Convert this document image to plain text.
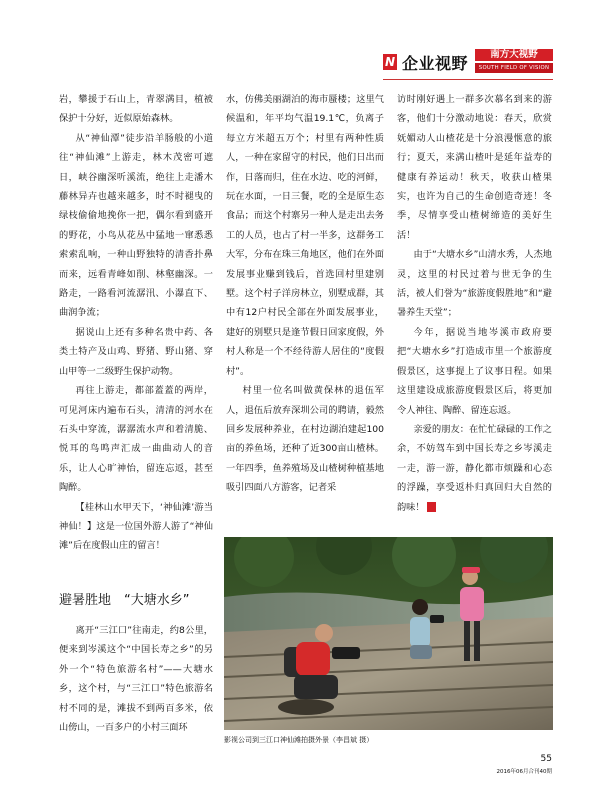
N 企业视野	南方大视野
SOUTH FIELD OF VISION

岩，攀援于石山上，青翠满目，植被保护十分好，近似原始森林。

从“神仙潭”徒步沿羊肠般的小道往“神仙滩”上游走，林木茂密可遮日，峡谷幽深听溪流，绝往上走潘木藤林异卉也越来越多，时不时褪曳的绿枝偷偷地挽你一把，偶尔看到盛开的野花，小鸟从花丛中猛地一窜悉悉索索乱响，一种山野独特的清香扑鼻而来，远看青峰如削、林壑幽深。一路走，一路看河流潺汛、小瀑直下、曲润争流；

据说山上还有多种名贵中药、各类土特产及山鸡、野猪、野山猪、穿山甲等一二级野生保护动物。

再往上游走，都部蓋蓋的两岸，可见河床内遍布石头，清清的河水在石头中穿流，潺潺流水声和着清脆、悦耳的鸟鸣声汇成一曲曲动人的音乐，让人心旷神怡，留连忘返，甚至陶醉。

【桂林山水甲天下，‘神仙滩’游当神仙！】这是一位国外游人游了“神仙滩”后在度假山庄的留言！

避暑胜地　“大塘水乡”

离开“三江口”往南走，约8公里，便来到岑溪这个“中国长寿之乡”的另外一个“特色旅游名村”——大塘水乡，这个村，与“三江口”特色旅游名村不同的是，滩拔不到两百多米，依山傍山，一百多户的小村三面环

水，仿佛美丽湖泊的海市蜃楼；这里气候温和，年平均气温19.1℃，负离子每立方米超五万个；村里有两种性质人，一种在家留守的村民，他们日出而作，日落而归，住在水边、吃的河鲜，玩在水面，一日三餐，吃的全是原生态食品；而这个村寨另一种人是走出去务工的人员，也占了村一半多，这群务工大军，分布在珠三角地区，他们在外面发展事业赚到钱后，首选回村里建别墅。这个村子洋房林立，别墅成群，其中有12户村民全部在外面发展事业，建好的别墅只是逢节假日回家度假，外村人称是一个不经待游人居住的“度假村”。

村里一位名叫做黄保林的退伍军人，退伍后放弃深圳公司的聘请，毅然回乡发展种养业，在村边湖泊建起100亩的养鱼场，还种了近300亩山楂林。一年四季，鱼养殖场及山楂树种植基地吸引四面八方游客，记者采

访时刚好遇上一群多次慕名到来的游客，他们十分激动地说：春天，欣赏妩媚动人山楂花是十分浪漫惬意的旅行；夏天，来满山楂叶是延年益寿的健康有养运动！秋天，收获山楂果实，也许为自己的生命创造奇迹！冬季，尽情享受山楂树缔造的美好生活！

由于“大塘水乡”山清水秀，人杰地灵，这里的村民过着与世无争的生活，被人们誉为“旅游度假胜地”和“避暑养生天堂”；

今年，据说当地岑溪市政府要把“大塘水乡”打造成市里一个旅游度假景区，这事提上了议事日程。如果这里建设成旅游度假景区后，将更加令人神往、陶醉、留连忘返。

亲爱的朋友：在忙忙碌碌的工作之余，不妨驾车到中国长寿之乡岑溪走一走，游一游，静化都市烦躁和心态的浮躁，享受返朴归真回归大自然的韵味！

影视公司到三江口神仙滩拍摄外景（李昌斌 摄）
55
2016年06月合刊40期
